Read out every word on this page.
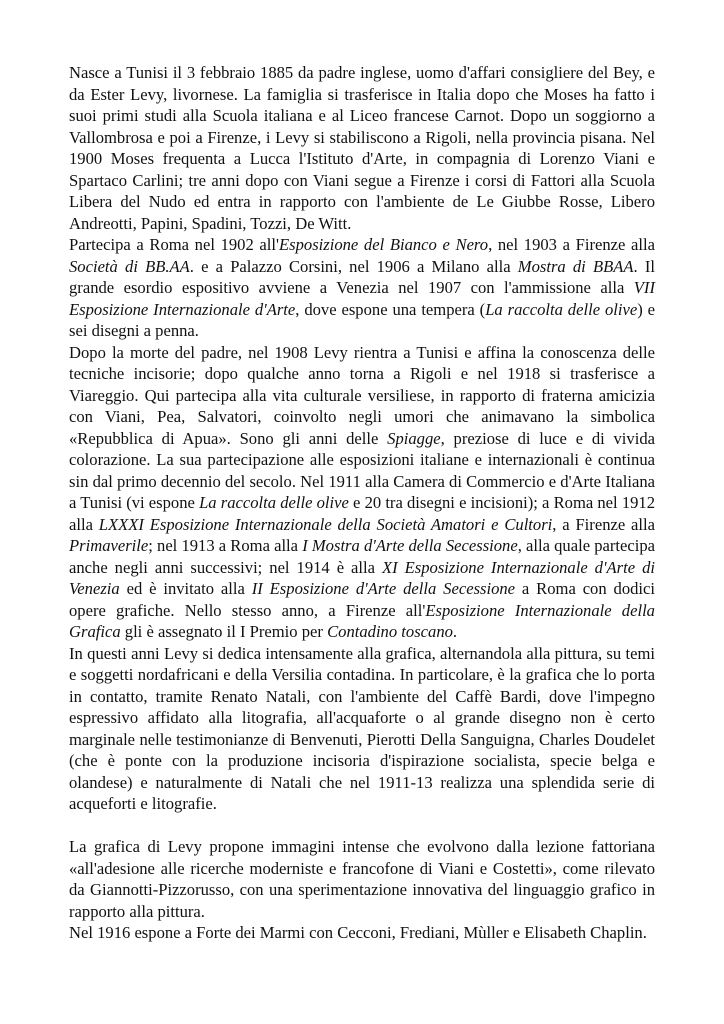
Nasce a Tunisi il 3 febbraio 1885 da padre inglese, uomo d'affari consigliere del Bey, e da Ester Levy, livornese. La famiglia si trasferisce in Italia dopo che Moses ha fatto i suoi primi studi alla Scuola italiana e al Liceo francese Carnot. Dopo un soggiorno a Vallombrosa e poi a Firenze, i Levy si stabiliscono a Rigoli, nella provincia pisana. Nel 1900 Moses frequenta a Lucca l'Istituto d'Arte, in compagnia di Lorenzo Viani e Spartaco Carlini; tre anni dopo con Viani segue a Firenze i corsi di Fattori alla Scuola Libera del Nudo ed entra in rapporto con l'ambiente de Le Giubbe Rosse, Libero Andreotti, Papini, Spadini, Tozzi, De Witt.

Partecipa a Roma nel 1902 all'Esposizione del Bianco e Nero, nel 1903 a Firenze alla Società di BB.AA. e a Palazzo Corsini, nel 1906 a Milano alla Mostra di BBAA. Il grande esordio espositivo avviene a Venezia nel 1907 con l'ammissione alla VII Esposizione Internazionale d'Arte, dove espone una tempera (La raccolta delle olive) e sei disegni a penna.

Dopo la morte del padre, nel 1908 Levy rientra a Tunisi e affina la conoscenza delle tecniche incisorie; dopo qualche anno torna a Rigoli e nel 1918 si trasferisce a Viareggio. Qui partecipa alla vita culturale versiliese, in rapporto di fraterna amicizia con Viani, Pea, Salvatori, coinvolto negli umori che animavano la simbolica «Repubblica di Apua». Sono gli anni delle Spiagge, preziose di luce e di vivida colorazione. La sua partecipazione alle esposizioni italiane e internazionali è continua sin dal primo decennio del secolo. Nel 1911 alla Camera di Commercio e d'Arte Italiana a Tunisi (vi espone La raccolta delle olive e 20 tra disegni e incisioni); a Roma nel 1912 alla LXXXI Esposizione Internazionale della Società Amatori e Cultori, a Firenze alla Primaverile; nel 1913 a Roma alla I Mostra d'Arte della Secessione, alla quale partecipa anche negli anni successivi; nel 1914 è alla XI Esposizione Internazionale d'Arte di Venezia ed è invitato alla II Esposizione d'Arte della Secessione a Roma con dodici opere grafiche. Nello stesso anno, a Firenze all'Esposizione Internazionale della Grafica gli è assegnato il I Premio per Contadino toscano.

In questi anni Levy si dedica intensamente alla grafica, alternandola alla pittura, su temi e soggetti nordafricani e della Versilia contadina. In particolare, è la grafica che lo porta in contatto, tramite Renato Natali, con l'ambiente del Caffè Bardi, dove l'impegno espressivo affidato alla litografia, all'acquaforte o al grande disegno non è certo marginale nelle testimonianze di Benvenuti, Pierotti Della Sanguigna, Charles Doudelet (che è ponte con la produzione incisoria d'ispirazione socialista, specie belga e olandese) e naturalmente di Natali che nel 1911-13 realizza una splendida serie di acqueforti e litografie.

La grafica di Levy propone immagini intense che evolvono dalla lezione fattoriana «all'adesione alle ricerche moderniste e francofone di Viani e Costetti», come rilevato da Giannotti-Pizzorusso, con una sperimentazione innovativa del linguaggio grafico in rapporto alla pittura.

Nel 1916 espone a Forte dei Marmi con Cecconi, Frediani, Mùller e Elisabeth Chaplin.
